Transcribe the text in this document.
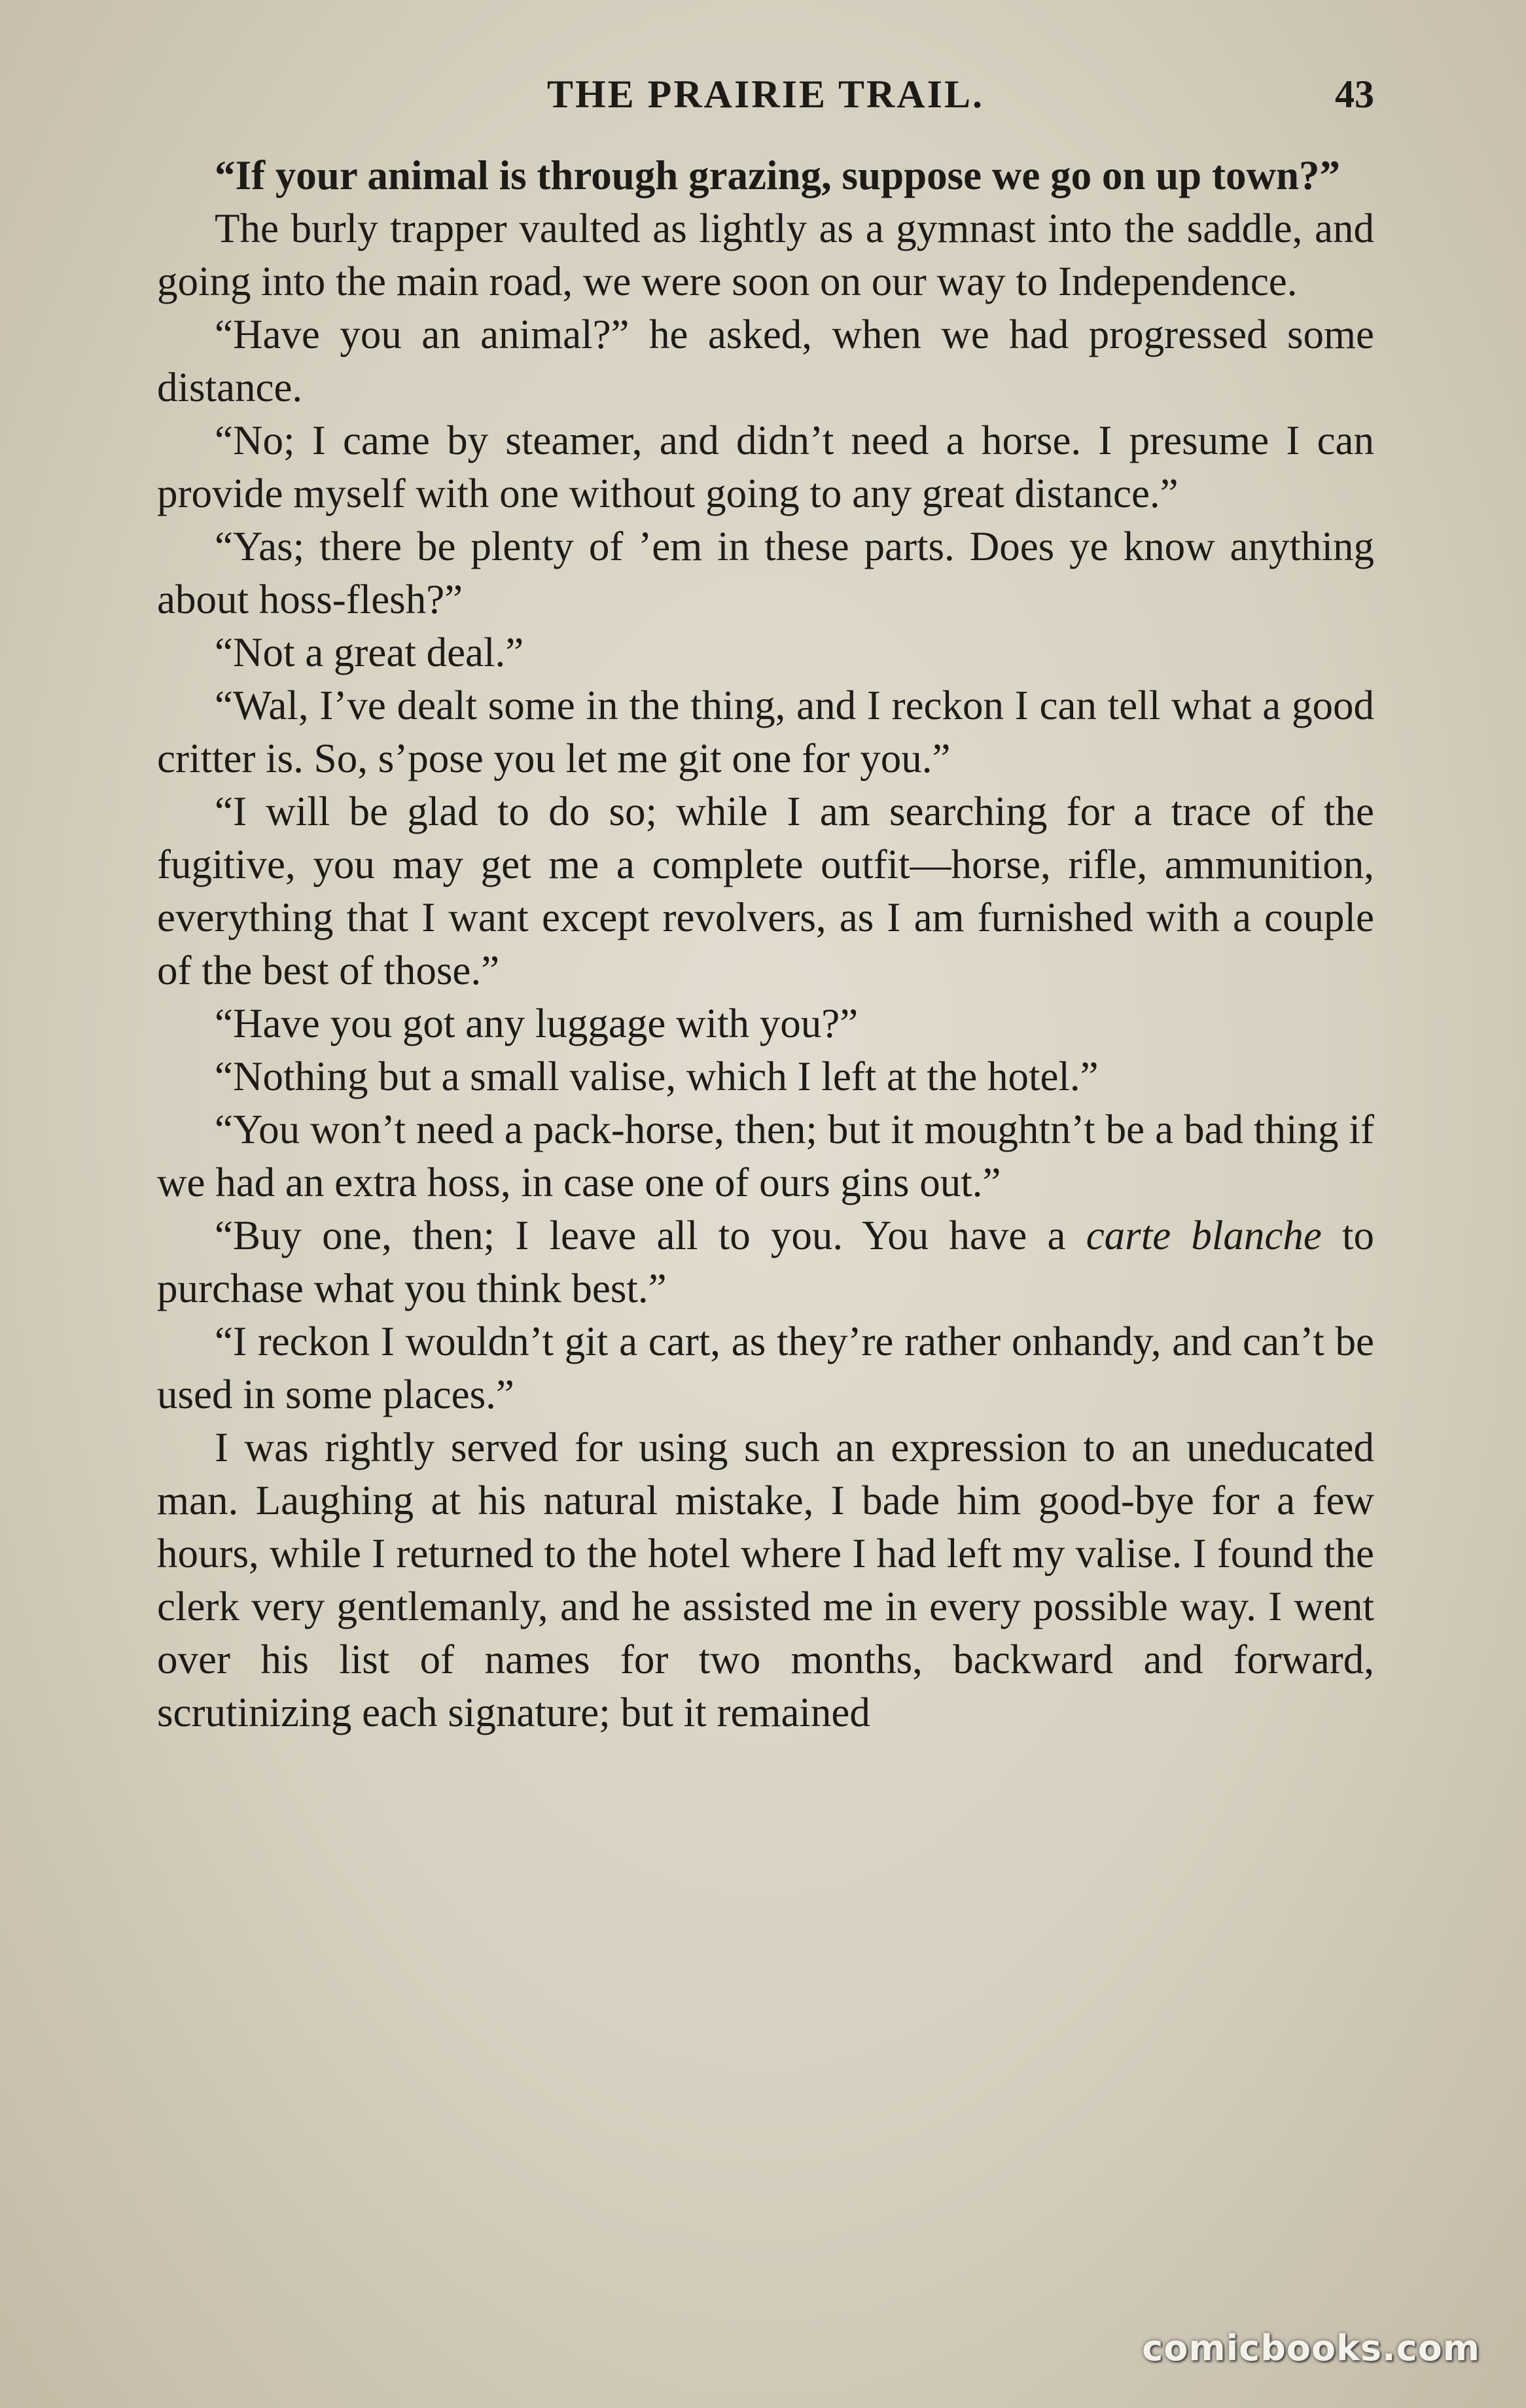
THE PRAIRIE TRAIL.	43

“If your animal is through grazing, suppose we go on up town?”

The burly trapper vaulted as lightly as a gymnast into the saddle, and going into the main road, we were soon on our way to Independence.

“Have you an animal?” he asked, when we had progressed some distance.

“No; I came by steamer, and didn’t need a horse. I presume I can provide myself with one without going to any great distance.”

“Yas; there be plenty of ’em in these parts. Does ye know anything about hoss-flesh?”

“Not a great deal.”

“Wal, I’ve dealt some in the thing, and I reckon I can tell what a good critter is. So, s’pose you let me git one for you.”

“I will be glad to do so; while I am searching for a trace of the fugitive, you may get me a complete outfit—horse, rifle, ammunition, everything that I want except revolvers, as I am furnished with a couple of the best of those.”

“Have you got any luggage with you?”

“Nothing but a small valise, which I left at the hotel.”

“You won’t need a pack-horse, then; but it moughtn’t be a bad thing if we had an extra hoss, in case one of ours gins out.”

“Buy one, then; I leave all to you. You have a carte blanche to purchase what you think best.”

“I reckon I wouldn’t git a cart, as they’re rather onhandy, and can’t be used in some places.”

I was rightly served for using such an expression to an uneducated man. Laughing at his natural mistake, I bade him good-bye for a few hours, while I returned to the hotel where I had left my valise. I found the clerk very gentlemanly, and he assisted me in every possible way. I went over his list of names for two months, backward and forward, scrutinizing each signature; but it remained

comicbooks.com
